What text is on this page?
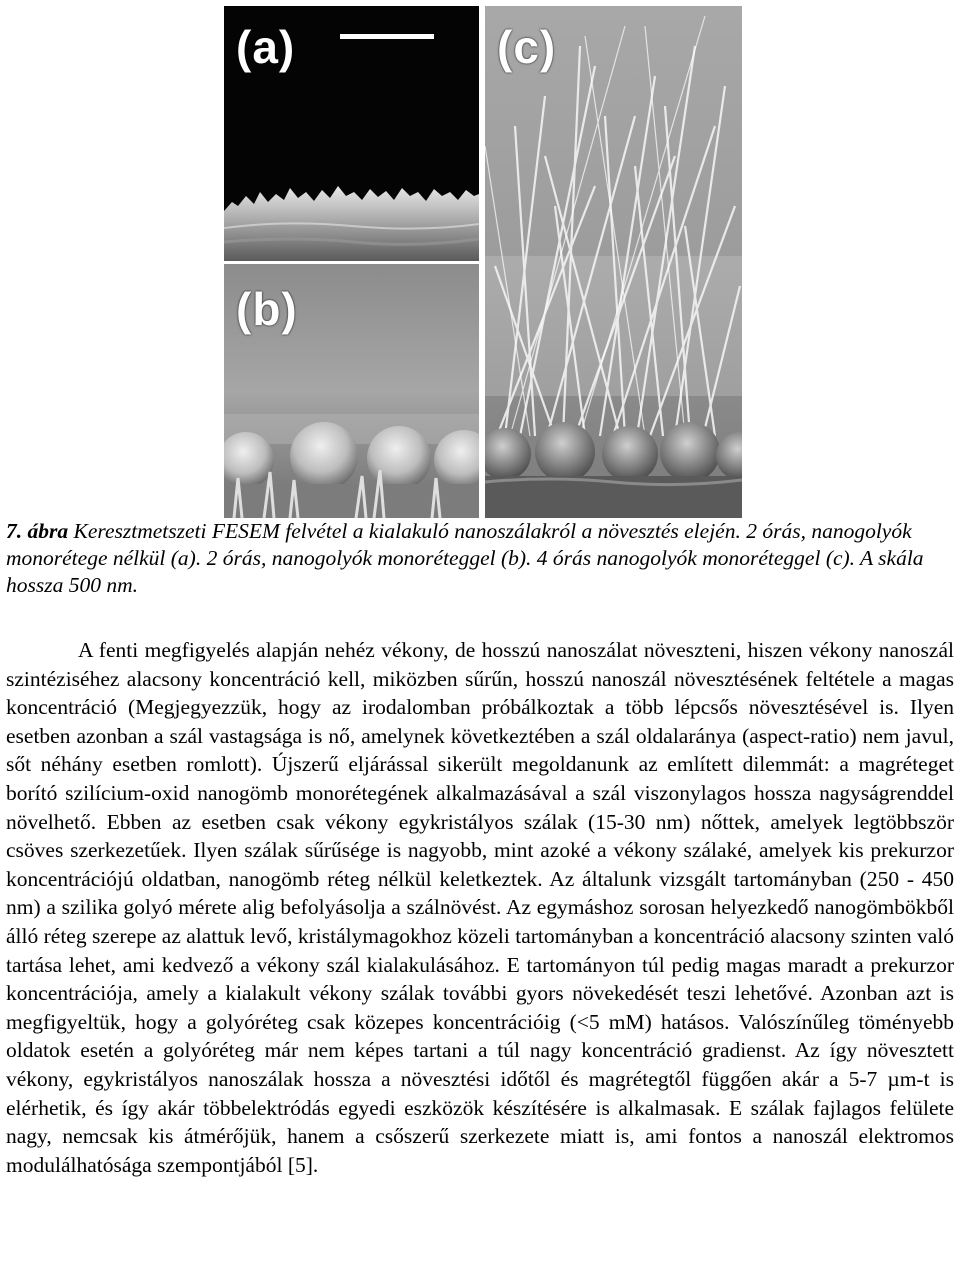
(a)
(b)
(c)
7. ábra Keresztmetszeti FESEM felvétel a kialakuló nanoszálakról a növesztés elején. 2 órás, nanogolyók monorétege nélkül (a). 2 órás, nanogolyók monoréteggel (b). 4 órás nanogolyók monoréteggel (c). A skála hossza 500 nm.

A fenti megfigyelés alapján nehéz vékony, de hosszú nanoszálat növeszteni, hiszen vékony nanoszál szintéziséhez alacsony koncentráció kell, miközben sűrűn, hosszú nanoszál növesztésének feltétele a magas koncentráció (Megjegyezzük, hogy az irodalomban próbálkoztak a több lépcsős növesztésével is. Ilyen esetben azonban a szál vastagsága is nő, amelynek következtében a szál oldalaránya (aspect-ratio) nem javul, sőt néhány esetben romlott). Újszerű eljárással sikerült megoldanunk az említett dilemmát: a magréteget borító szilícium-oxid nanogömb monorétegének alkalmazásával a szál viszonylagos hossza nagyságrenddel növelhető. Ebben az esetben csak vékony egykristályos szálak (15-30 nm) nőttek, amelyek legtöbbször csöves szerkezetűek. Ilyen szálak sűrűsége is nagyobb, mint azoké a vékony szálaké, amelyek kis prekurzor koncentrációjú oldatban, nanogömb réteg nélkül keletkeztek. Az általunk vizsgált tartományban (250 - 450 nm) a szilika golyó mérete alig befolyásolja a szálnövést. Az egymáshoz sorosan helyezkedő nanogömbökből álló réteg szerepe az alattuk levő, kristálymagokhoz közeli tartományban a koncentráció alacsony szinten való tartása lehet, ami kedvező a vékony szál kialakulásához. E tartományon túl pedig magas maradt a prekurzor koncentrációja, amely a kialakult vékony szálak további gyors növekedését teszi lehetővé. Azonban azt is megfigyeltük, hogy a golyóréteg csak közepes koncentrációig (<5 mM) hatásos. Valószínűleg töményebb oldatok esetén a golyóréteg már nem képes tartani a túl nagy koncentráció gradienst. Az így növesztett vékony, egykristályos nanoszálak hossza a növesztési időtől és magrétegtől függően akár a 5-7 µm-t is elérhetik, és így akár többelektródás egyedi eszközök készítésére is alkalmasak. E szálak fajlagos felülete nagy, nemcsak kis átmérőjük, hanem a csőszerű szerkezete miatt is, ami fontos a nanoszál elektromos modulálhatósága szempontjából [5].
